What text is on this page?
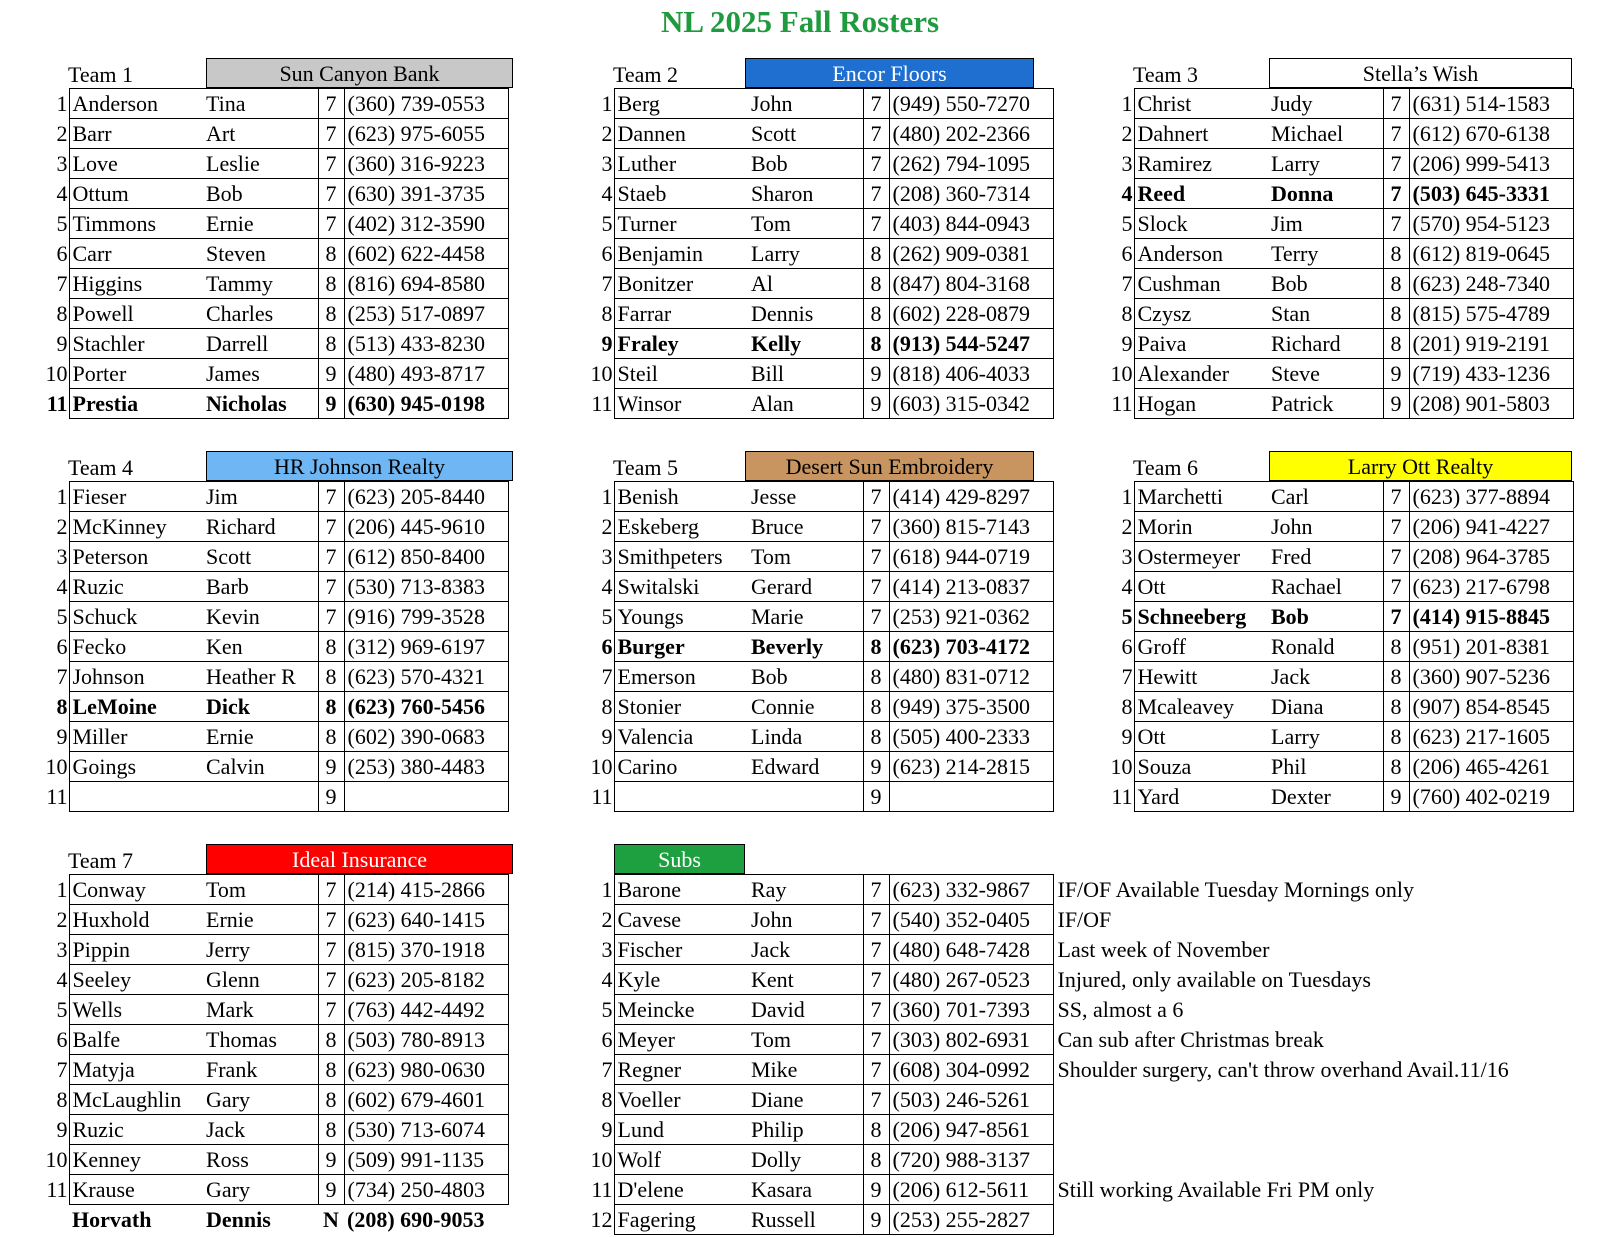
NL 2025 Fall Rosters
Team 1	Sun Canyon Bank
1	Anderson	Tina	7	(360) 739-0553
2	Barr	Art	7	(623) 975-6055
3	Love	Leslie	7	(360) 316-9223
4	Ottum	Bob	7	(630) 391-3735
5	Timmons	Ernie	7	(402) 312-3590
6	Carr	Steven	8	(602) 622-4458
7	Higgins	Tammy	8	(816) 694-8580
8	Powell	Charles	8	(253) 517-0897
9	Stachler	Darrell	8	(513) 433-8230
10	Porter	James	9	(480) 493-8717
11	Prestia	Nicholas	9	(630) 945-0198
Team 2	Encor Floors
1	Berg	John	7	(949) 550-7270
2	Dannen	Scott	7	(480) 202-2366
3	Luther	Bob	7	(262) 794-1095
4	Staeb	Sharon	7	(208) 360-7314
5	Turner	Tom	7	(403) 844-0943
6	Benjamin	Larry	8	(262) 909-0381
7	Bonitzer	Al	8	(847) 804-3168
8	Farrar	Dennis	8	(602) 228-0879
9	Fraley	Kelly	8	(913) 544-5247
10	Steil	Bill	9	(818) 406-4033
11	Winsor	Alan	9	(603) 315-0342
Team 3	Stella’s Wish
1	Christ	Judy	7	(631) 514-1583
2	Dahnert	Michael	7	(612) 670-6138
3	Ramirez	Larry	7	(206) 999-5413
4	Reed	Donna	7	(503) 645-3331
5	Slock	Jim	7	(570) 954-5123
6	Anderson	Terry	8	(612) 819-0645
7	Cushman	Bob	8	(623) 248-7340
8	Czysz	Stan	8	(815) 575-4789
9	Paiva	Richard	8	(201) 919-2191
10	Alexander	Steve	9	(719) 433-1236
11	Hogan	Patrick	9	(208) 901-5803
Team 4	HR Johnson Realty
1	Fieser	Jim	7	(623) 205-8440
2	McKinney	Richard	7	(206) 445-9610
3	Peterson	Scott	7	(612) 850-8400
4	Ruzic	Barb	7	(530) 713-8383
5	Schuck	Kevin	7	(916) 799-3528
6	Fecko	Ken	8	(312) 969-6197
7	Johnson	Heather R	8	(623) 570-4321
8	LeMoine	Dick	8	(623) 760-5456
9	Miller	Ernie	8	(602) 390-0683
10	Goings	Calvin	9	(253) 380-4483
11			9	
Team 5	Desert Sun Embroidery
1	Benish	Jesse	7	(414) 429-8297
2	Eskeberg	Bruce	7	(360) 815-7143
3	Smithpeters	Tom	7	(618) 944-0719
4	Switalski	Gerard	7	(414) 213-0837
5	Youngs	Marie	7	(253) 921-0362
6	Burger	Beverly	8	(623) 703-4172
7	Emerson	Bob	8	(480) 831-0712
8	Stonier	Connie	8	(949) 375-3500
9	Valencia	Linda	8	(505) 400-2333
10	Carino	Edward	9	(623) 214-2815
11			9	
Team 6	Larry Ott Realty
1	Marchetti	Carl	7	(623) 377-8894
2	Morin	John	7	(206) 941-4227
3	Ostermeyer	Fred	7	(208) 964-3785
4	Ott	Rachael	7	(623) 217-6798
5	Schneeberg	Bob	7	(414) 915-8845
6	Groff	Ronald	8	(951) 201-8381
7	Hewitt	Jack	8	(360) 907-5236
8	Mcaleavey	Diana	8	(907) 854-8545
9	Ott	Larry	8	(623) 217-1605
10	Souza	Phil	8	(206) 465-4261
11	Yard	Dexter	9	(760) 402-0219
Team 7	Ideal Insurance
1	Conway	Tom	7	(214) 415-2866
2	Huxhold	Ernie	7	(623) 640-1415
3	Pippin	Jerry	7	(815) 370-1918
4	Seeley	Glenn	7	(623) 205-8182
5	Wells	Mark	7	(763) 442-4492
6	Balfe	Thomas	8	(503) 780-8913
7	Matyja	Frank	8	(623) 980-0630
8	McLaughlin	Gary	8	(602) 679-4601
9	Ruzic	Jack	8	(530) 713-6074
10	Kenney	Ross	9	(509) 991-1135
11	Krause	Gary	9	(734) 250-4803
	Horvath	Dennis	N	(208) 690-9053
Subs
1	Barone	Ray	7	(623) 332-9867	IF/OF Available Tuesday Mornings only
2	Cavese	John	7	(540) 352-0405	IF/OF
3	Fischer	Jack	7	(480) 648-7428	Last week of November
4	Kyle	Kent	7	(480) 267-0523	Injured, only available on Tuesdays
5	Meincke	David	7	(360) 701-7393	SS, almost a 6
6	Meyer	Tom	7	(303) 802-6931	Can sub after Christmas break
7	Regner	Mike	7	(608) 304-0992	Shoulder surgery, can't throw overhand Avail.11/16
8	Voeller	Diane	7	(503) 246-5261	
9	Lund	Philip	8	(206) 947-8561	
10	Wolf	Dolly	8	(720) 988-3137	
11	D'elene	Kasara	9	(206) 612-5611	Still working Available Fri PM only
12	Fagering	Russell	9	(253) 255-2827	
